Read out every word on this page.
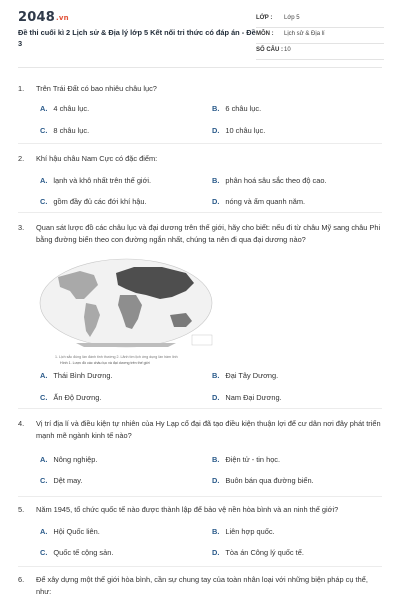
2048.vn
Đề thi cuối kì 2 Lịch sử & Địa lý lớp 5 Kết nối tri thức có đáp án - Đề 3
LỚP : Lớp 5
MÔN : Lịch sử & Địa lí
SỐ CÂU : 10
1. Trên Trái Đất có bao nhiêu châu lục?
A. 4 châu lục.	B. 6 châu lục.
C. 8 châu lục.	D. 10 châu lục.
2. Khí hậu châu Nam Cực có đặc điểm:
A. lạnh và khô nhất trên thế giới.	B. phân hoá sâu sắc theo độ cao.
C. gồm đầy đủ các đới khí hậu.	D. nóng và ẩm quanh năm.
3. Quan sát lược đồ các châu lục và đại dương trên thế giới, hãy cho biết: nếu đi từ châu Mỹ sang châu Phi bằng đường biển theo con đường ngắn nhất, chúng ta nên đi qua đại dương nào?
1. Lịch sắc đúng lần đánh tinh thường 2. Lãnh tìm lịch ứng dụng lần hàm linh
Hình 1. Lược đồ các châu lục và đại dương trên thế giới
A. Thái Bình Dương.	B. Đại Tây Dương.
C. Ấn Độ Dương.	D. Nam Đại Dương.
4. Vị trí địa lí và điều kiện tự nhiên của Hy Lạp cổ đại đã tạo điều kiện thuận lợi để cư dân nơi đây phát triển mạnh mẽ ngành kinh tế nào?
A. Nông nghiệp.	B. Điện tử - tin học.
C. Dệt may.	D. Buôn bán qua đường biển.
5. Năm 1945, tổ chức quốc tế nào được thành lập để bảo vệ nền hòa bình và an ninh thế giới?
A. Hội Quốc liên.	B. Liên hợp quốc.
C. Quốc tế cộng sản.	D. Tòa án Công lý quốc tế.
6. Để xây dựng một thế giới hòa bình, cần sự chung tay của toàn nhân loại với những biện pháp cụ thể, như:
